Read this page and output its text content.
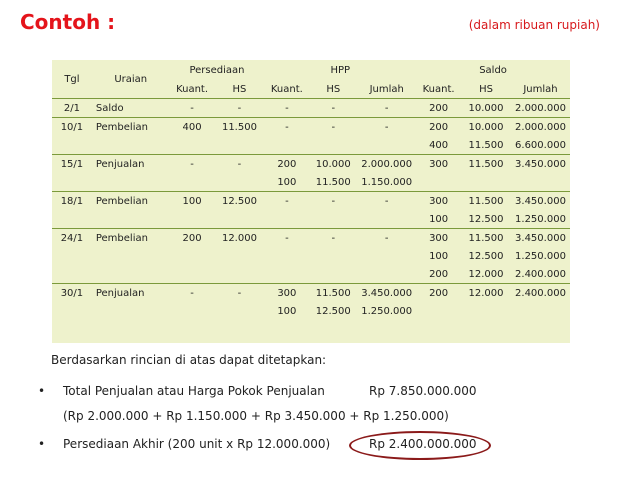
Contoh :	(dalam ribuan rupiah)
Tgl	Uraian	Persediaan		HPP			Saldo		
		Kuant.	HS	Kuant.	HS	Jumlah	Kuant.	HS	Jumlah
2/1	Saldo	-	-	-	-	-	200	10.000	2.000.000
10/1	Pembelian	400	11.500	-	-	-	200	10.000	2.000.000
							400	11.500	6.600.000
15/1	Penjualan	-	-	200	10.000	2.000.000	300	11.500	3.450.000
				100	11.500	1.150.000			
18/1	Pembelian	100	12.500	-	-	-	300	11.500	3.450.000
							100	12.500	1.250.000
24/1	Pembelian	200	12.000	-	-	-	300	11.500	3.450.000
							100	12.500	1.250.000
							200	12.000	2.400.000
30/1	Penjualan	-	-	300	11.500	3.450.000	200	12.000	2.400.000
				100	12.500	1.250.000			
Berdasarkan rincian di atas dapat ditetapkan:
• Total Penjualan atau Harga Pokok Penjualan	Rp 7.850.000.000
(Rp 2.000.000 + Rp 1.150.000 + Rp 3.450.000 + Rp 1.250.000)
• Persediaan Akhir (200 unit x Rp 12.000.000)	Rp 2.400.000.000
